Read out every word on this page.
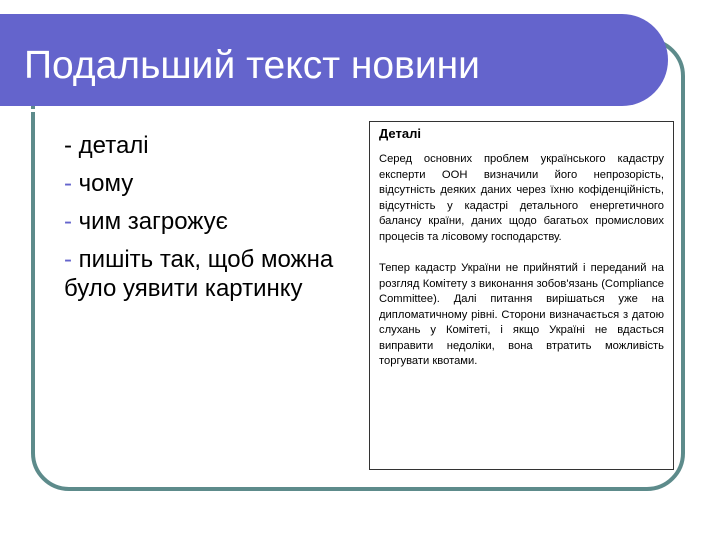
Подальший текст новини
- деталі
- чому
- чим загрожує
- пишіть так, щоб можна було уявити картинку
Деталі

Серед основних проблем українського кадастру експерти ООН визначили його непрозорість, відсутність деяких даних через їхню кофіденційність, відсутність у кадастрі детального енергетичного балансу країни, даних щодо багатьох промислових процесів та лісовому господарству.

Тепер кадастр України не прийнятий і переданий на розгляд Комітету з виконання зобов'язань (Compliance Committee). Далі питання вирішаться уже на дипломатичному рівні. Сторони визначається з датою слухань у Комітеті, і якщо Україні не вдасться виправити недоліки, вона втратить можливість торгувати квотами.
